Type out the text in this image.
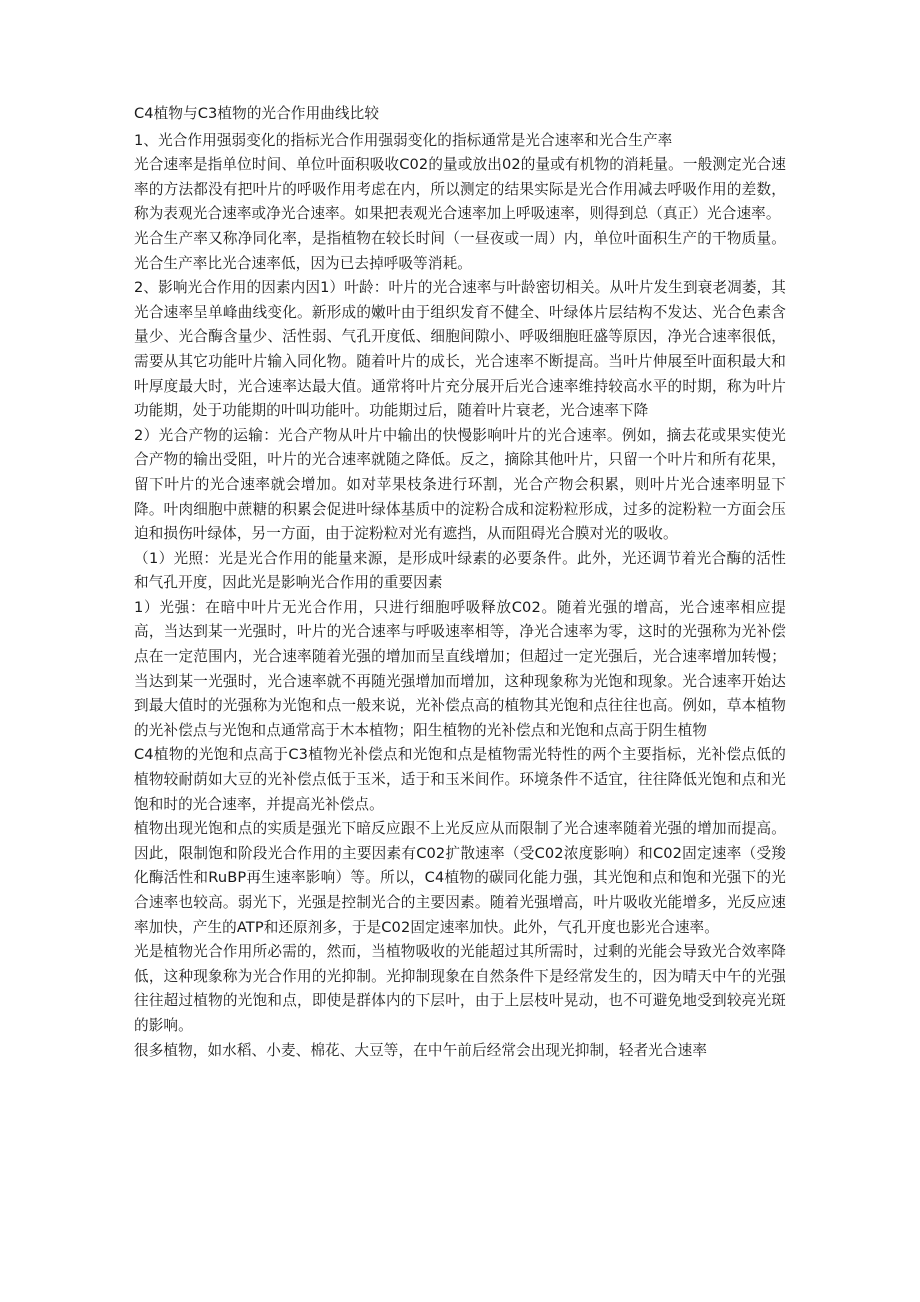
C4植物与C3植物的光合作用曲线比较

1、光合作用强弱变化的指标光合作用强弱变化的指标通常是光合速率和光合生产率

光合速率是指单位时间、单位叶面积吸收C02的量或放出02的量或有机物的消耗量。一般测定光合速率的方法都没有把叶片的呼吸作用考虑在内，所以测定的结果实际是光合作用减去呼吸作用的差数，称为表观光合速率或净光合速率。如果把表观光合速率加上呼吸速率，则得到总（真正）光合速率。

光合生产率又称净同化率，是指植物在较长时间（一昼夜或一周）内，单位叶面积生产的干物质量。光合生产率比光合速率低，因为已去掉呼吸等消耗。

2、影响光合作用的因素内因1）叶龄：叶片的光合速率与叶龄密切相关。从叶片发生到衰老凋萎，其光合速率呈单峰曲线变化。新形成的嫩叶由于组织发育不健全、叶绿体片层结构不发达、光合色素含量少、光合酶含量少、活性弱、气孔开度低、细胞间隙小、呼吸细胞旺盛等原因，净光合速率很低，需要从其它功能叶片输入同化物。随着叶片的成长，光合速率不断提高。当叶片伸展至叶面积最大和叶厚度最大时，光合速率达最大值。通常将叶片充分展开后光合速率维持较高水平的时期，称为叶片功能期，处于功能期的叶叫功能叶。功能期过后，随着叶片衰老，光合速率下降

2）光合产物的运输：光合产物从叶片中输出的快慢影响叶片的光合速率。例如，摘去花或果实使光合产物的输出受阻，叶片的光合速率就随之降低。反之，摘除其他叶片，只留一个叶片和所有花果，留下叶片的光合速率就会增加。如对苹果枝条进行环割，光合产物会积累，则叶片光合速率明显下降。叶肉细胞中蔗糖的积累会促进叶绿体基质中的淀粉合成和淀粉粒形成，过多的淀粉粒一方面会压迫和损伤叶绿体，另一方面，由于淀粉粒对光有遮挡，从而阻碍光合膜对光的吸收。

（1）光照：光是光合作用的能量来源，是形成叶绿素的必要条件。此外，光还调节着光合酶的活性和气孔开度，因此光是影响光合作用的重要因素

1）光强：在暗中叶片无光合作用，只进行细胞呼吸释放C02。随着光强的增高，光合速率相应提高，当达到某一光强时，叶片的光合速率与呼吸速率相等，净光合速率为零，这时的光强称为光补偿点在一定范围内，光合速率随着光强的增加而呈直线增加；但超过一定光强后，光合速率增加转慢；当达到某一光强时，光合速率就不再随光强增加而增加，这种现象称为光饱和现象。光合速率开始达到最大值时的光强称为光饱和点一般来说，光补偿点高的植物其光饱和点往往也高。例如，草本植物的光补偿点与光饱和点通常高于木本植物；阳生植物的光补偿点和光饱和点高于阴生植物

C4植物的光饱和点高于C3植物光补偿点和光饱和点是植物需光特性的两个主要指标，光补偿点低的植物较耐荫如大豆的光补偿点低于玉米，适于和玉米间作。环境条件不适宜，往往降低光饱和点和光饱和时的光合速率，并提高光补偿点。

植物出现光饱和点的实质是强光下暗反应跟不上光反应从而限制了光合速率随着光强的增加而提高。因此，限制饱和阶段光合作用的主要因素有C02扩散速率（受C02浓度影响）和C02固定速率（受羧化酶活性和RuBP再生速率影响）等。所以，C4植物的碳同化能力强，其光饱和点和饱和光强下的光合速率也较高。弱光下，光强是控制光合的主要因素。随着光强增高，叶片吸收光能增多，光反应速率加快，产生的ATP和还原剂多，于是C02固定速率加快。此外，气孔开度也影光合速率。

光是植物光合作用所必需的，然而，当植物吸收的光能超过其所需时，过剩的光能会导致光合效率降低，这种现象称为光合作用的光抑制。光抑制现象在自然条件下是经常发生的，因为晴天中午的光强往往超过植物的光饱和点，即使是群体内的下层叶，由于上层枝叶晃动，也不可避免地受到较亮光斑的影响。

很多植物，如水稻、小麦、棉花、大豆等，在中午前后经常会出现光抑制，轻者光合速率
